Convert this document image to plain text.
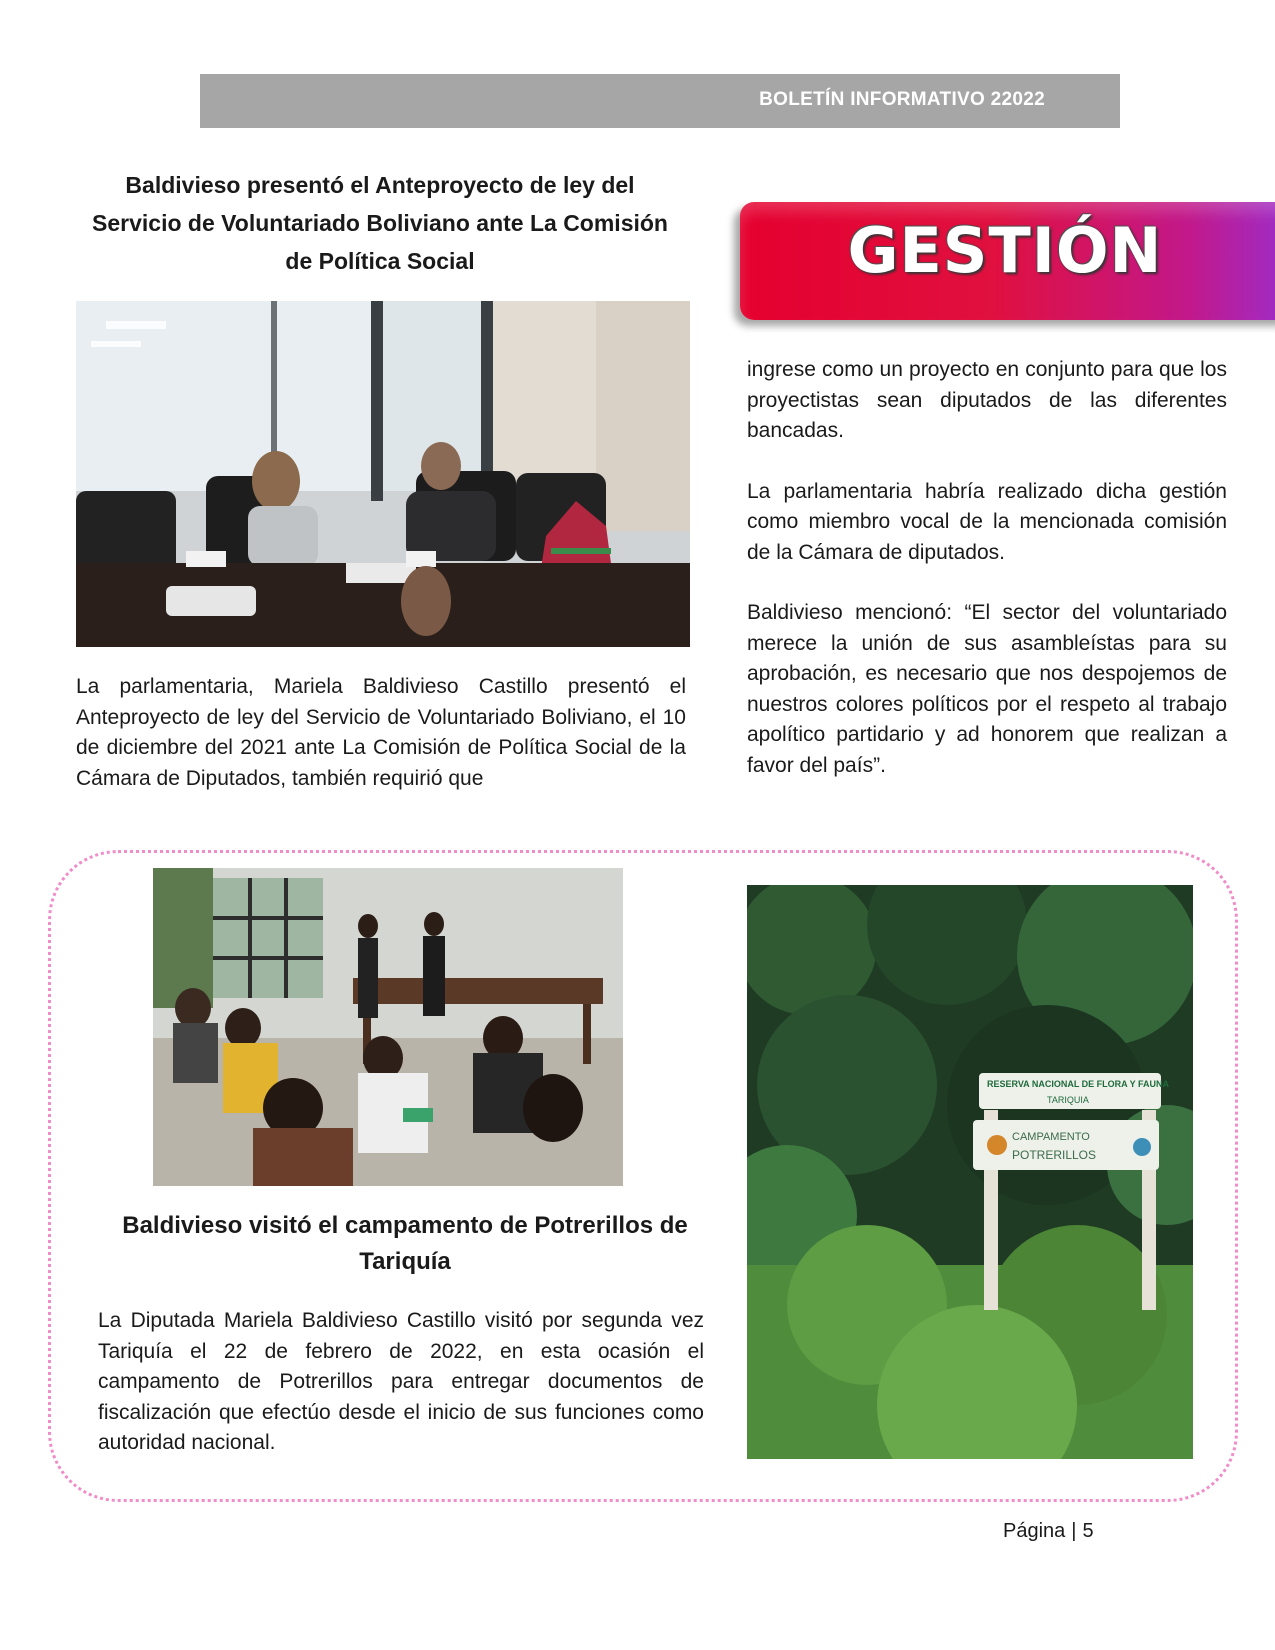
BOLETÍN INFORMATIVO 22022
Baldivieso presentó el Anteproyecto de ley del Servicio de Voluntariado Boliviano ante La Comisión de Política Social	GESTIÓN
La parlamentaria, Mariela Baldivieso Castillo presentó el Anteproyecto de ley del Servicio de Voluntariado Boliviano, el 10 de diciembre del 2021 ante La Comisión de Política Social de la Cámara de Diputados, también requirió que

ingrese como un proyecto en conjunto para que los proyectistas sean diputados de las diferentes bancadas.

La parlamentaria habría realizado dicha gestión como miembro vocal de la mencionada comisión de la Cámara de diputados.

Baldivieso mencionó: “El sector del voluntariado merece la unión de sus asambleístas para su aprobación, es necesario que nos despojemos de nuestros colores políticos por el respeto al trabajo apolítico partidario y ad honorem que realizan a favor del país”.

Baldivieso visitó el campamento de Potrerillos de Tariquía
La Diputada Mariela Baldivieso Castillo visitó por segunda vez Tariquía el 22 de febrero de 2022, en esta ocasión el campamento de Potrerillos para entregar documentos de fiscalización que efectúo desde el inicio de sus funciones como autoridad nacional.
RESERVA NACIONAL DE FLORA Y FAUNA
TARIQUIA
CAMPAMENTO
POTRERILLOS
Página | 5
